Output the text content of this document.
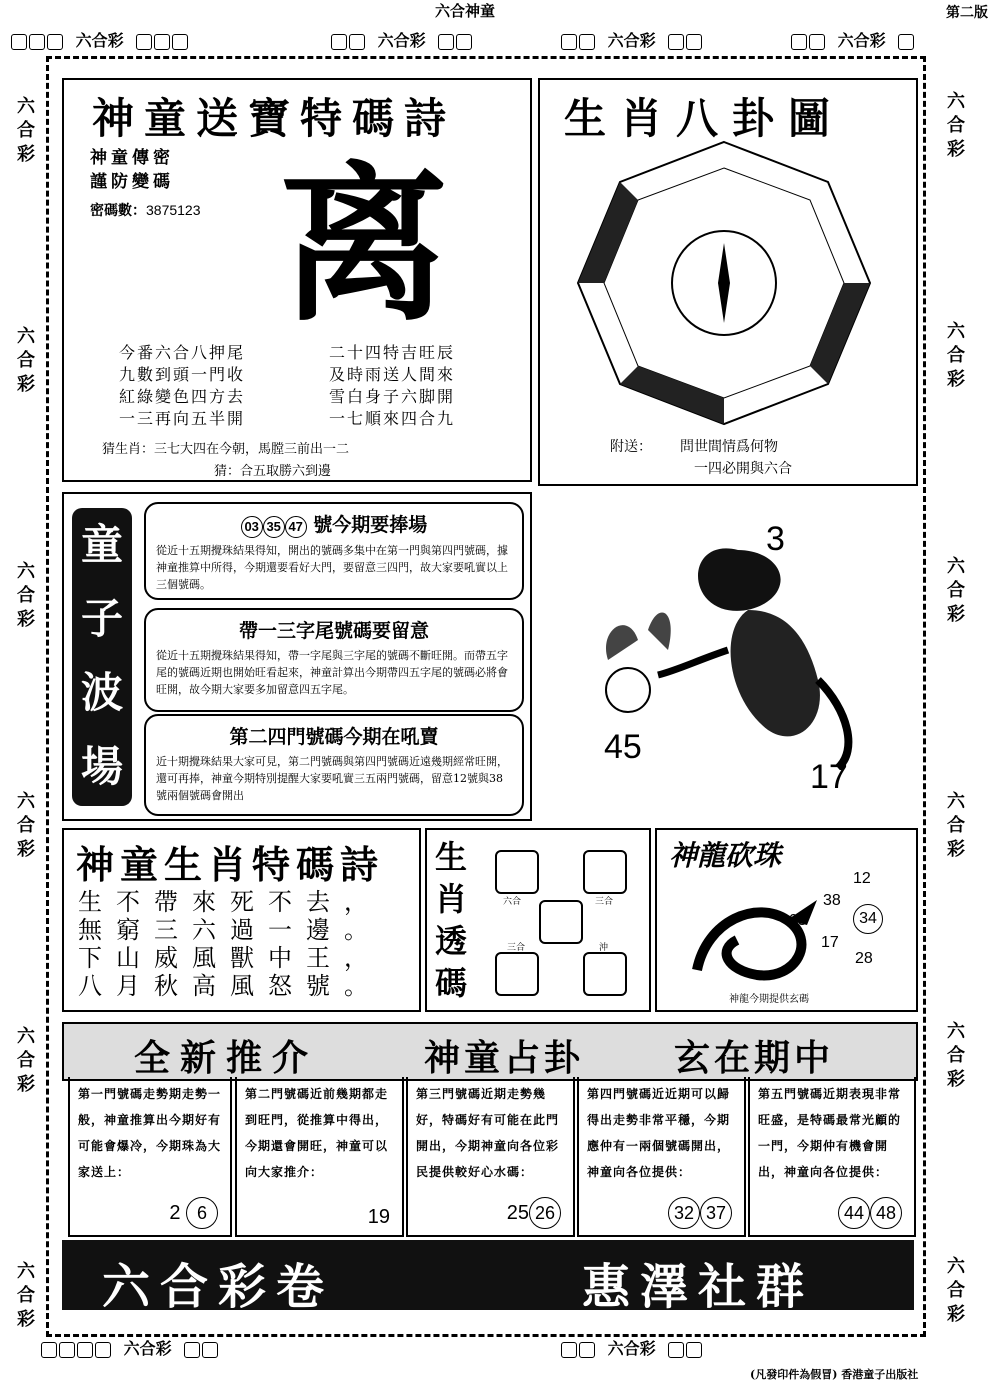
六合神童	第二版
六合彩	六合彩	六合彩	六合彩
六
合
彩
六
合
彩
六
合
彩
六
合
彩
六
合
彩
六
合
彩
六
合
彩
六
合
彩
六
合
彩
六
合
彩
六
合
彩
六
合
彩
神童送寶特碼詩
神童傳密
謹防變碼
密碼數：3875123 离
今番六合八押尾
九數到頭一門收
紅綠變色四方去
一三再向五半開
二十四特吉旺辰
及時雨送人間來
雪白身子六脚開
一七順來四合九
猜生肖：三七大四在今朝，馬膛三前出一二
猜：合五取勝六到邊
生肖八卦圖
附送： 問世間情爲何物
一四必開與六合
童
子
波
場
03 35 47 號今期要捧場
從近十五期攪珠結果得知，開出的號碼多集中在第一門與第四門號碼，據神童推算中所得，今期還要看好大門，要留意三四門，故大家要吼實以上三個號碼。
帶一三字尾號碼要留意
從近十五期攪珠結果得知，帶一字尾與三字尾的號碼不斷旺開。而帶五字尾的號碼近期也開始旺看起來，神童計算出今期帶四五字尾的號碼必將會旺開，故今期大家要多加留意四五字尾。
第二四門號碼今期在吼賣
近十期攪珠結果大家可見，第二門號碼與第四門號碼近遠幾期經常旺開，還可再捧，神童今期特別提醒大家要吼實三五兩門號碼，留意12號與38號兩個號碼會開出
3
45
17
神童生肖特碼詩
生不帶來死不去，
無窮三六過一邊。
下山威風獸中王，
八月秋高風怒號。
生
肖
透
碼
六合	三合
三合	沖
神龍砍珠
12
38
05	34
17
28
神龍今期提供玄碼
全新推介	神童占卦 玄在期中
第一門號碼走勢期走勢一般，神童推算出今期好有可能會爆冷，今期珠為大家送上：
2 6
第二門號碼近前幾期都走到旺門，從推算中得出，今期還會開旺，神童可以向大家推介：
19
第三門號碼近期走勢幾好，特碼好有可能在此門開出，今期神童向各位彩民提供較好心水碼：
25 26
第四門號碼近近期可以歸得出走勢非常平穩，今期應仲有一兩個號碼開出，神童向各位提供：
32 37
第五門號碼近期表現非常旺盛，是特碼最常光顧的一門，今期仲有機會開出，神童向各位提供：
44 48
六合彩卷	惠澤社群
六合彩	六合彩
(凡發印件為假冒) 香港童子出版社
